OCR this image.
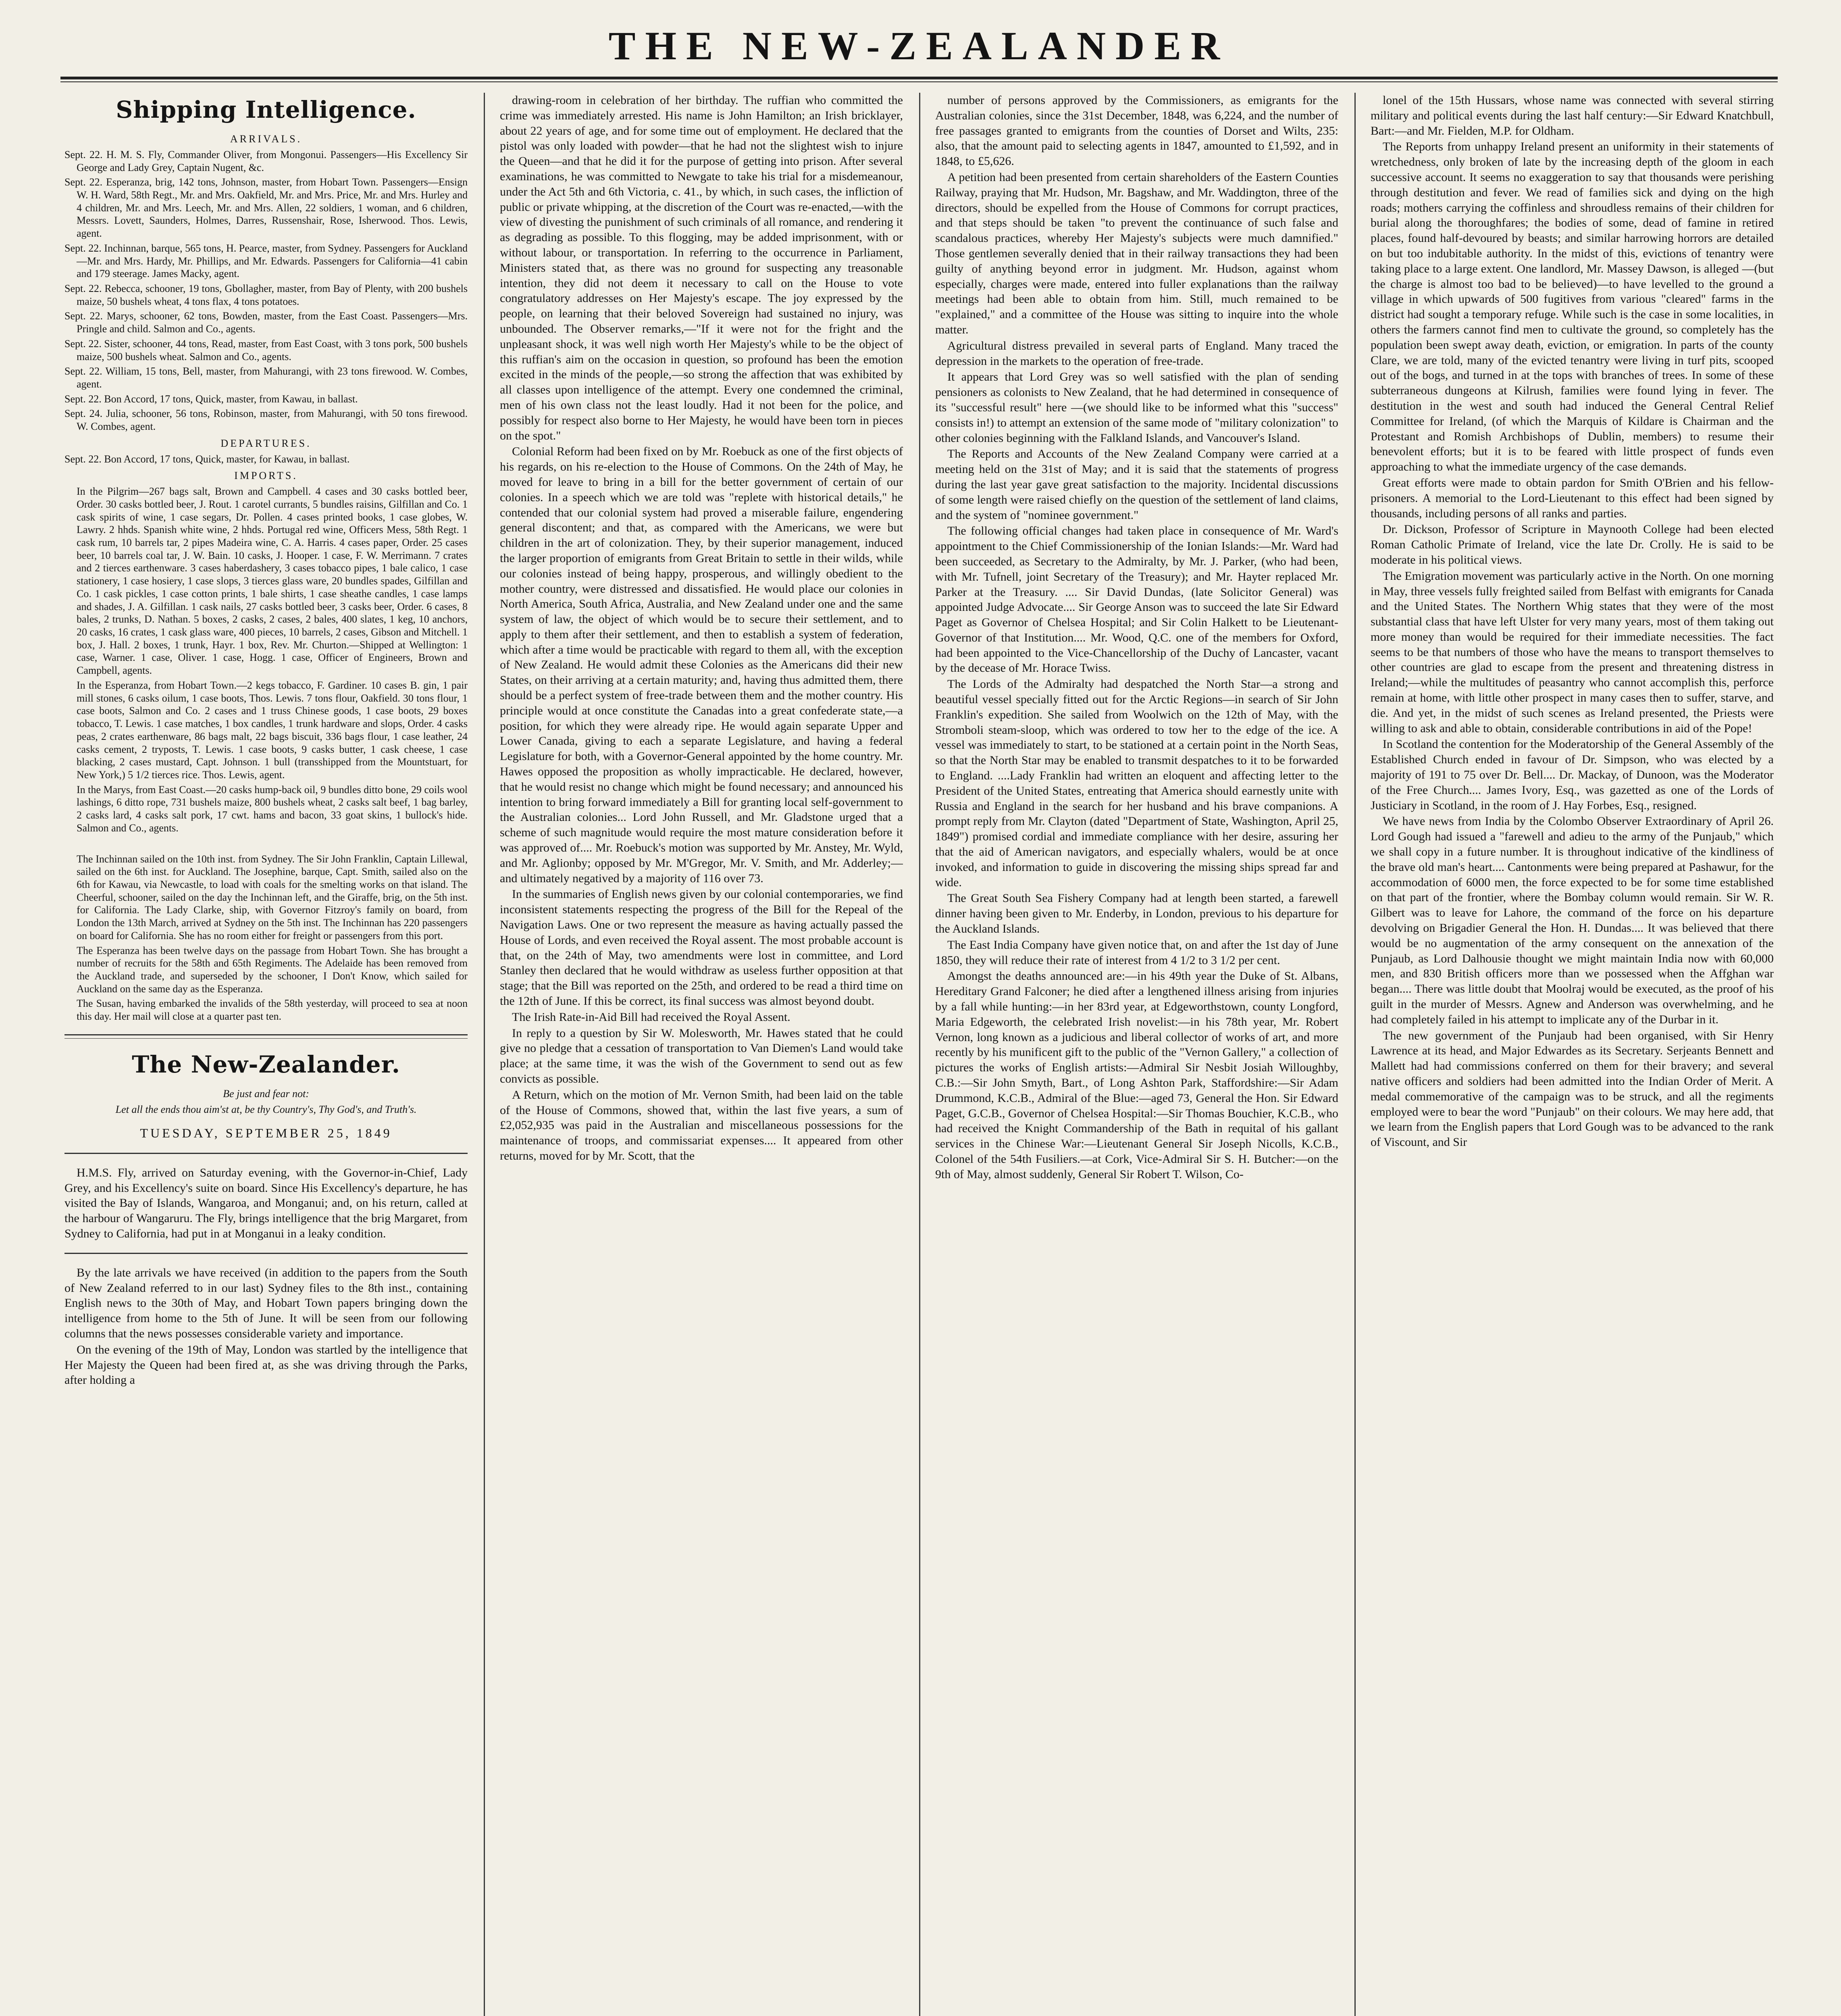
THE NEW-ZEALANDER
Shipping Intelligence.
ARRIVALS.

Sept. 22. H. M. S. Fly, Commander Oliver, from Mongonui. Passengers—His Excellency Sir George and Lady Grey, Captain Nugent, &c.

Sept. 22. Esperanza, brig, 142 tons, Johnson, master, from Hobart Town. Passengers—Ensign W. H. Ward, 58th Regt., Mr. and Mrs. Oakfield, Mr. and Mrs. Price, Mr. and Mrs. Hurley and 4 children, Mr. and Mrs. Leech, Mr. and Mrs. Allen, 22 soldiers, 1 woman, and 6 children, Messrs. Lovett, Saunders, Holmes, Darres, Russenshair, Rose, Isherwood. Thos. Lewis, agent.

Sept. 22. Inchinnan, barque, 565 tons, H. Pearce, master, from Sydney. Passengers for Auckland—Mr. and Mrs. Hardy, Mr. Phillips, and Mr. Edwards. Passengers for California—41 cabin and 179 steerage. James Macky, agent.

Sept. 22. Rebecca, schooner, 19 tons, Gbollagher, master, from Bay of Plenty, with 200 bushels maize, 50 bushels wheat, 4 tons flax, 4 tons potatoes.

Sept. 22. Marys, schooner, 62 tons, Bowden, master, from the East Coast. Passengers—Mrs. Pringle and child. Salmon and Co., agents.

Sept. 22. Sister, schooner, 44 tons, Read, master, from East Coast, with 3 tons pork, 500 bushels maize, 500 bushels wheat. Salmon and Co., agents.

Sept. 22. William, 15 tons, Bell, master, from Mahurangi, with 23 tons firewood. W. Combes, agent.

Sept. 22. Bon Accord, 17 tons, Quick, master, from Kawau, in ballast.

Sept. 24. Julia, schooner, 56 tons, Robinson, master, from Mahurangi, with 50 tons firewood. W. Combes, agent.

DEPARTURES.

Sept. 22. Bon Accord, 17 tons, Quick, master, for Kawau, in ballast.

IMPORTS.

In the Pilgrim—267 bags salt, Brown and Campbell. 4 cases and 30 casks bottled beer, Order. 30 casks bottled beer, J. Rout. 1 carotel currants, 5 bundles raisins, Gilfillan and Co. 1 cask spirits of wine, 1 case segars, Dr. Pollen. 4 cases printed books, 1 case globes, W. Lawry. 2 hhds. Spanish white wine, 2 hhds. Portugal red wine, Officers Mess, 58th Regt. 1 cask rum, 10 barrels tar, 2 pipes Madeira wine, C. A. Harris. 4 cases paper, Order. 25 cases beer, 10 barrels coal tar, J. W. Bain. 10 casks, J. Hooper. 1 case, F. W. Merrimann. 7 crates and 2 tierces earthenware. 3 cases haberdashery, 3 cases tobacco pipes, 1 bale calico, 1 case stationery, 1 case hosiery, 1 case slops, 3 tierces glass ware, 20 bundles spades, Gilfillan and Co. 1 cask pickles, 1 case cotton prints, 1 bale shirts, 1 case sheathe candles, 1 case lamps and shades, J. A. Gilfillan. 1 cask nails, 27 casks bottled beer, 3 casks beer, Order. 6 cases, 8 bales, 2 trunks, D. Nathan. 5 boxes, 2 casks, 2 cases, 2 bales, 400 slates, 1 keg, 10 anchors, 20 casks, 16 crates, 1 cask glass ware, 400 pieces, 10 barrels, 2 cases, Gibson and Mitchell. 1 box, J. Hall. 2 boxes, 1 trunk, Hayr. 1 box, Rev. Mr. Churton.—Shipped at Wellington: 1 case, Warner. 1 case, Oliver. 1 case, Hogg. 1 case, Officer of Engineers, Brown and Campbell, agents.

In the Esperanza, from Hobart Town.—2 kegs tobacco, F. Gardiner. 10 cases B. gin, 1 pair mill stones, 6 casks oilum, 1 case boots, Thos. Lewis. 7 tons flour, Oakfield. 30 tons flour, 1 case boots, Salmon and Co. 2 cases and 1 truss Chinese goods, 1 case boots, 29 boxes tobacco, T. Lewis. 1 case matches, 1 box candles, 1 trunk hardware and slops, Order. 4 casks peas, 2 crates earthenware, 86 bags malt, 22 bags biscuit, 336 bags flour, 1 case leather, 24 casks cement, 2 tryposts, T. Lewis. 1 case boots, 9 casks butter, 1 cask cheese, 1 case blacking, 2 cases mustard, Capt. Johnson. 1 bull (transshipped from the Mountstuart, for New York,) 5 1/2 tierces rice. Thos. Lewis, agent.

In the Marys, from East Coast.—20 casks hump-back oil, 9 bundles ditto bone, 29 coils wool lashings, 6 ditto rope, 731 bushels maize, 800 bushels wheat, 2 casks salt beef, 1 bag barley, 2 casks lard, 4 casks salt pork, 17 cwt. hams and bacon, 33 goat skins, 1 bullock's hide. Salmon and Co., agents.

The Inchinnan sailed on the 10th inst. from Sydney. The Sir John Franklin, Captain Lillewal, sailed on the 6th inst. for Auckland. The Josephine, barque, Capt. Smith, sailed also on the 6th for Kawau, via Newcastle, to load with coals for the smelting works on that island. The Cheerful, schooner, sailed on the day the Inchinnan left, and the Giraffe, brig, on the 5th inst. for California. The Lady Clarke, ship, with Governor Fitzroy's family on board, from London the 13th March, arrived at Sydney on the 5th inst. The Inchinnan has 220 passengers on board for California. She has no room either for freight or passengers from this port.

The Esperanza has been twelve days on the passage from Hobart Town. She has brought a number of recruits for the 58th and 65th Regiments. The Adelaide has been removed from the Auckland trade, and superseded by the schooner, I Don't Know, which sailed for Auckland on the same day as the Esperanza.

The Susan, having embarked the invalids of the 58th yesterday, will proceed to sea at noon this day. Her mail will close at a quarter past ten.

The New-Zealander.
Be just and fear not:
Let all the ends thou aim'st at, be thy Country's, Thy God's, and Truth's.
TUESDAY, SEPTEMBER 25, 1849

H.M.S. Fly, arrived on Saturday evening, with the Governor-in-Chief, Lady Grey, and his Excellency's suite on board. Since His Excellency's departure, he has visited the Bay of Islands, Wangaroa, and Monganui; and, on his return, called at the harbour of Wangaruru. The Fly, brings intelligence that the brig Margaret, from Sydney to California, had put in at Monganui in a leaky condition.

By the late arrivals we have received (in addition to the papers from the South of New Zealand referred to in our last) Sydney files to the 8th inst., containing English news to the 30th of May, and Hobart Town papers bringing down the intelligence from home to the 5th of June. It will be seen from our following columns that the news possesses considerable variety and importance.

On the evening of the 19th of May, London was startled by the intelligence that Her Majesty the Queen had been fired at, as she was driving through the Parks, after holding a

drawing-room in celebration of her birthday. The ruffian who committed the crime was immediately arrested. His name is John Hamilton; an Irish bricklayer, about 22 years of age, and for some time out of employment. He declared that the pistol was only loaded with powder—that he had not the slightest wish to injure the Queen—and that he did it for the purpose of getting into prison. After several examinations, he was committed to Newgate to take his trial for a misdemeanour, under the Act 5th and 6th Victoria, c. 41., by which, in such cases, the infliction of public or private whipping, at the discretion of the Court was re-enacted,—with the view of divesting the punishment of such criminals of all romance, and rendering it as degrading as possible. To this flogging, may be added imprisonment, with or without labour, or transportation. In referring to the occurrence in Parliament, Ministers stated that, as there was no ground for suspecting any treasonable intention, they did not deem it necessary to call on the House to vote congratulatory addresses on Her Majesty's escape. The joy expressed by the people, on learning that their beloved Sovereign had sustained no injury, was unbounded. The Observer remarks,—"If it were not for the fright and the unpleasant shock, it was well nigh worth Her Majesty's while to be the object of this ruffian's aim on the occasion in question, so profound has been the emotion excited in the minds of the people,—so strong the affection that was exhibited by all classes upon intelligence of the attempt. Every one condemned the criminal, men of his own class not the least loudly. Had it not been for the police, and possibly for respect also borne to Her Majesty, he would have been torn in pieces on the spot."

Colonial Reform had been fixed on by Mr. Roebuck as one of the first objects of his regards, on his re-election to the House of Commons. On the 24th of May, he moved for leave to bring in a bill for the better government of certain of our colonies. In a speech which we are told was "replete with historical details," he contended that our colonial system had proved a miserable failure, engendering general discontent; and that, as compared with the Americans, we were but children in the art of colonization. They, by their superior management, induced the larger proportion of emigrants from Great Britain to settle in their wilds, while our colonies instead of being happy, prosperous, and willingly obedient to the mother country, were distressed and dissatisfied. He would place our colonies in North America, South Africa, Australia, and New Zealand under one and the same system of law, the object of which would be to secure their settlement, and to apply to them after their settlement, and then to establish a system of federation, which after a time would be practicable with regard to them all, with the exception of New Zealand. He would admit these Colonies as the Americans did their new States, on their arriving at a certain maturity; and, having thus admitted them, there should be a perfect system of free-trade between them and the mother country. His principle would at once constitute the Canadas into a great confederate state,—a position, for which they were already ripe. He would again separate Upper and Lower Canada, giving to each a separate Legislature, and having a federal Legislature for both, with a Governor-General appointed by the home country. Mr. Hawes opposed the proposition as wholly impracticable. He declared, however, that he would resist no change which might be found necessary; and announced his intention to bring forward immediately a Bill for granting local self-government to the Australian colonies... Lord John Russell, and Mr. Gladstone urged that a scheme of such magnitude would require the most mature consideration before it was approved of.... Mr. Roebuck's motion was supported by Mr. Anstey, Mr. Wyld, and Mr. Aglionby; opposed by Mr. M'Gregor, Mr. V. Smith, and Mr. Adderley;—and ultimately negatived by a majority of 116 over 73.

In the summaries of English news given by our colonial contemporaries, we find inconsistent statements respecting the progress of the Bill for the Repeal of the Navigation Laws. One or two represent the measure as having actually passed the House of Lords, and even received the Royal assent. The most probable account is that, on the 24th of May, two amendments were lost in committee, and Lord Stanley then declared that he would withdraw as useless further opposition at that stage; that the Bill was reported on the 25th, and ordered to be read a third time on the 12th of June. If this be correct, its final success was almost beyond doubt.

The Irish Rate-in-Aid Bill had received the Royal Assent.

In reply to a question by Sir W. Molesworth, Mr. Hawes stated that he could give no pledge that a cessation of transportation to Van Diemen's Land would take place; at the same time, it was the wish of the Government to send out as few convicts as possible.

A Return, which on the motion of Mr. Vernon Smith, had been laid on the table of the House of Commons, showed that, within the last five years, a sum of £2,052,935 was paid in the Australian and miscellaneous possessions for the maintenance of troops, and commissariat expenses.... It appeared from other returns, moved for by Mr. Scott, that the

number of persons approved by the Commissioners, as emigrants for the Australian colonies, since the 31st December, 1848, was 6,224, and the number of free passages granted to emigrants from the counties of Dorset and Wilts, 235: also, that the amount paid to selecting agents in 1847, amounted to £1,592, and in 1848, to £5,626.

A petition had been presented from certain shareholders of the Eastern Counties Railway, praying that Mr. Hudson, Mr. Bagshaw, and Mr. Waddington, three of the directors, should be expelled from the House of Commons for corrupt practices, and that steps should be taken "to prevent the continuance of such false and scandalous practices, whereby Her Majesty's subjects were much damnified." Those gentlemen severally denied that in their railway transactions they had been guilty of anything beyond error in judgment. Mr. Hudson, against whom especially, charges were made, entered into fuller explanations than the railway meetings had been able to obtain from him. Still, much remained to be "explained," and a committee of the House was sitting to inquire into the whole matter.

Agricultural distress prevailed in several parts of England. Many traced the depression in the markets to the operation of free-trade.

It appears that Lord Grey was so well satisfied with the plan of sending pensioners as colonists to New Zealand, that he had determined in consequence of its "successful result" here —(we should like to be informed what this "success" consists in!) to attempt an extension of the same mode of "military colonization" to other colonies beginning with the Falkland Islands, and Vancouver's Island.

The Reports and Accounts of the New Zealand Company were carried at a meeting held on the 31st of May; and it is said that the statements of progress during the last year gave great satisfaction to the majority. Incidental discussions of some length were raised chiefly on the question of the settlement of land claims, and the system of "nominee government."

The following official changes had taken place in consequence of Mr. Ward's appointment to the Chief Commissionership of the Ionian Islands:—Mr. Ward had been succeeded, as Secretary to the Admiralty, by Mr. J. Parker, (who had been, with Mr. Tufnell, joint Secretary of the Treasury); and Mr. Hayter replaced Mr. Parker at the Treasury. .... Sir David Dundas, (late Solicitor General) was appointed Judge Advocate.... Sir George Anson was to succeed the late Sir Edward Paget as Governor of Chelsea Hospital; and Sir Colin Halkett to be Lieutenant-Governor of that Institution.... Mr. Wood, Q.C. one of the members for Oxford, had been appointed to the Vice-Chancellorship of the Duchy of Lancaster, vacant by the decease of Mr. Horace Twiss.

The Lords of the Admiralty had despatched the North Star—a strong and beautiful vessel specially fitted out for the Arctic Regions—in search of Sir John Franklin's expedition. She sailed from Woolwich on the 12th of May, with the Stromboli steam-sloop, which was ordered to tow her to the edge of the ice. A vessel was immediately to start, to be stationed at a certain point in the North Seas, so that the North Star may be enabled to transmit despatches to it to be forwarded to England. ....Lady Franklin had written an eloquent and affecting letter to the President of the United States, entreating that America should earnestly unite with Russia and England in the search for her husband and his brave companions. A prompt reply from Mr. Clayton (dated "Department of State, Washington, April 25, 1849") promised cordial and immediate compliance with her desire, assuring her that the aid of American navigators, and especially whalers, would be at once invoked, and information to guide in discovering the missing ships spread far and wide.

The Great South Sea Fishery Company had at length been started, a farewell dinner having been given to Mr. Enderby, in London, previous to his departure for the Auckland Islands.

The East India Company have given notice that, on and after the 1st day of June 1850, they will reduce their rate of interest from 4 1/2 to 3 1/2 per cent.

Amongst the deaths announced are:—in his 49th year the Duke of St. Albans, Hereditary Grand Falconer; he died after a lengthened illness arising from injuries by a fall while hunting:—in her 83rd year, at Edgeworthstown, county Longford, Maria Edgeworth, the celebrated Irish novelist:—in his 78th year, Mr. Robert Vernon, long known as a judicious and liberal collector of works of art, and more recently by his munificent gift to the public of the "Vernon Gallery," a collection of pictures the works of English artists:—Admiral Sir Nesbit Josiah Willoughby, C.B.:—Sir John Smyth, Bart., of Long Ashton Park, Staffordshire:—Sir Adam Drummond, K.C.B., Admiral of the Blue:—aged 73, General the Hon. Sir Edward Paget, G.C.B., Governor of Chelsea Hospital:—Sir Thomas Bouchier, K.C.B., who had received the Knight Commandership of the Bath in requital of his gallant services in the Chinese War:—Lieutenant General Sir Joseph Nicolls, K.C.B., Colonel of the 54th Fusiliers.—at Cork, Vice-Admiral Sir S. H. Butcher:—on the 9th of May, almost suddenly, General Sir Robert T. Wilson, Co-

lonel of the 15th Hussars, whose name was connected with several stirring military and political events during the last half century:—Sir Edward Knatchbull, Bart:—and Mr. Fielden, M.P. for Oldham.

The Reports from unhappy Ireland present an uniformity in their statements of wretchedness, only broken of late by the increasing depth of the gloom in each successive account. It seems no exaggeration to say that thousands were perishing through destitution and fever. We read of families sick and dying on the high roads; mothers carrying the coffinless and shroudless remains of their children for burial along the thoroughfares; the bodies of some, dead of famine in retired places, found half-devoured by beasts; and similar harrowing horrors are detailed on but too indubitable authority. In the midst of this, evictions of tenantry were taking place to a large extent. One landlord, Mr. Massey Dawson, is alleged —(but the charge is almost too bad to be believed)—to have levelled to the ground a village in which upwards of 500 fugitives from various "cleared" farms in the district had sought a temporary refuge. While such is the case in some localities, in others the farmers cannot find men to cultivate the ground, so completely has the population been swept away death, eviction, or emigration. In parts of the county Clare, we are told, many of the evicted tenantry were living in turf pits, scooped out of the bogs, and turned in at the tops with branches of trees. In some of these subterraneous dungeons at Kilrush, families were found lying in fever. The destitution in the west and south had induced the General Central Relief Committee for Ireland, (of which the Marquis of Kildare is Chairman and the Protestant and Romish Archbishops of Dublin, members) to resume their benevolent efforts; but it is to be feared with little prospect of funds even approaching to what the immediate urgency of the case demands.

Great efforts were made to obtain pardon for Smith O'Brien and his fellow-prisoners. A memorial to the Lord-Lieutenant to this effect had been signed by thousands, including persons of all ranks and parties.

Dr. Dickson, Professor of Scripture in Maynooth College had been elected Roman Catholic Primate of Ireland, vice the late Dr. Crolly. He is said to be moderate in his political views.

The Emigration movement was particularly active in the North. On one morning in May, three vessels fully freighted sailed from Belfast with emigrants for Canada and the United States. The Northern Whig states that they were of the most substantial class that have left Ulster for very many years, most of them taking out more money than would be required for their immediate necessities. The fact seems to be that numbers of those who have the means to transport themselves to other countries are glad to escape from the present and threatening distress in Ireland;—while the multitudes of peasantry who cannot accomplish this, perforce remain at home, with little other prospect in many cases then to suffer, starve, and die. And yet, in the midst of such scenes as Ireland presented, the Priests were willing to ask and able to obtain, considerable contributions in aid of the Pope!

In Scotland the contention for the Moderatorship of the General Assembly of the Established Church ended in favour of Dr. Simpson, who was elected by a majority of 191 to 75 over Dr. Bell.... Dr. Mackay, of Dunoon, was the Moderator of the Free Church.... James Ivory, Esq., was gazetted as one of the Lords of Justiciary in Scotland, in the room of J. Hay Forbes, Esq., resigned.

We have news from India by the Colombo Observer Extraordinary of April 26. Lord Gough had issued a "farewell and adieu to the army of the Punjaub," which we shall copy in a future number. It is throughout indicative of the kindliness of the brave old man's heart.... Cantonments were being prepared at Pashawur, for the accommodation of 6000 men, the force expected to be for some time established on that part of the frontier, where the Bombay column would remain. Sir W. R. Gilbert was to leave for Lahore, the command of the force on his departure devolving on Brigadier General the Hon. H. Dundas.... It was believed that there would be no augmentation of the army consequent on the annexation of the Punjaub, as Lord Dalhousie thought we might maintain India now with 60,000 men, and 830 British officers more than we possessed when the Affghan war began.... There was little doubt that Moolraj would be executed, as the proof of his guilt in the murder of Messrs. Agnew and Anderson was overwhelming, and he had completely failed in his attempt to implicate any of the Durbar in it.

The new government of the Punjaub had been organised, with Sir Henry Lawrence at its head, and Major Edwardes as its Secretary. Serjeants Bennett and Mallett had had commissions conferred on them for their bravery; and several native officers and soldiers had been admitted into the Indian Order of Merit. A medal commemorative of the campaign was to be struck, and all the regiments employed were to bear the word "Punjaub" on their colours. We may here add, that we learn from the English papers that Lord Gough was to be advanced to the rank of Viscount, and Sir
